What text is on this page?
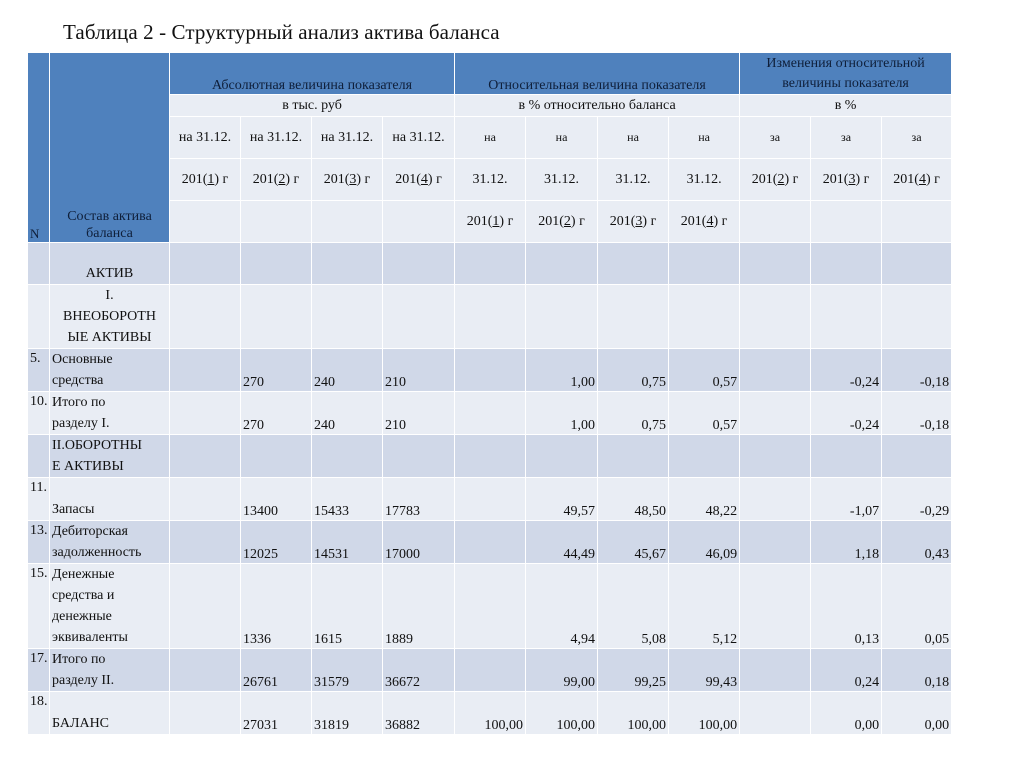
Таблица 2 - Структурный анализ актива баланса
N	Состав актива баланса	Абсолютная величина показателя				Относительная величина показателя				Изменения относительной величины показателя		
		в тыс. руб				в % относительно баланса				в %		
		на 31.12.	на 31.12.	на 31.12.	на 31.12.	на	на	на	на	за	за	за
		201(1) г	201(2) г	201(3) г	201(4) г	31.12.	31.12.	31.12.	31.12.	201(2) г	201(3) г	201(4) г
						201(1) г	201(2) г	201(3) г	201(4) г			

	АКТИВ											

	I.
ВНЕОБОРОТН
ЫЕ АКТИВЫ											

5.	Основные
средства		270	240	210		1,00	0,75	0,57		-0,24	-0,18
10.	Итого по
разделу I.		270	240	210		1,00	0,75	0,57		-0,24	-0,18

	II.ОБОРОТНЫ
Е АКТИВЫ											

11.	Запасы		13400	15433	17783		49,57	48,50	48,22		-1,07	-0,29
13.	Дебиторская
задолженность		12025	14531	17000		44,49	45,67	46,09		1,18	0,43
15.	Денежные
средства и
денежные
эквиваленты		1336	1615	1889		4,94	5,08	5,12		0,13	0,05
17.	Итого по
разделу II.		26761	31579	36672		99,00	99,25	99,43		0,24	0,18
18.	БАЛАНС		27031	31819	36882	100,00	100,00	100,00	100,00		0,00	0,00
